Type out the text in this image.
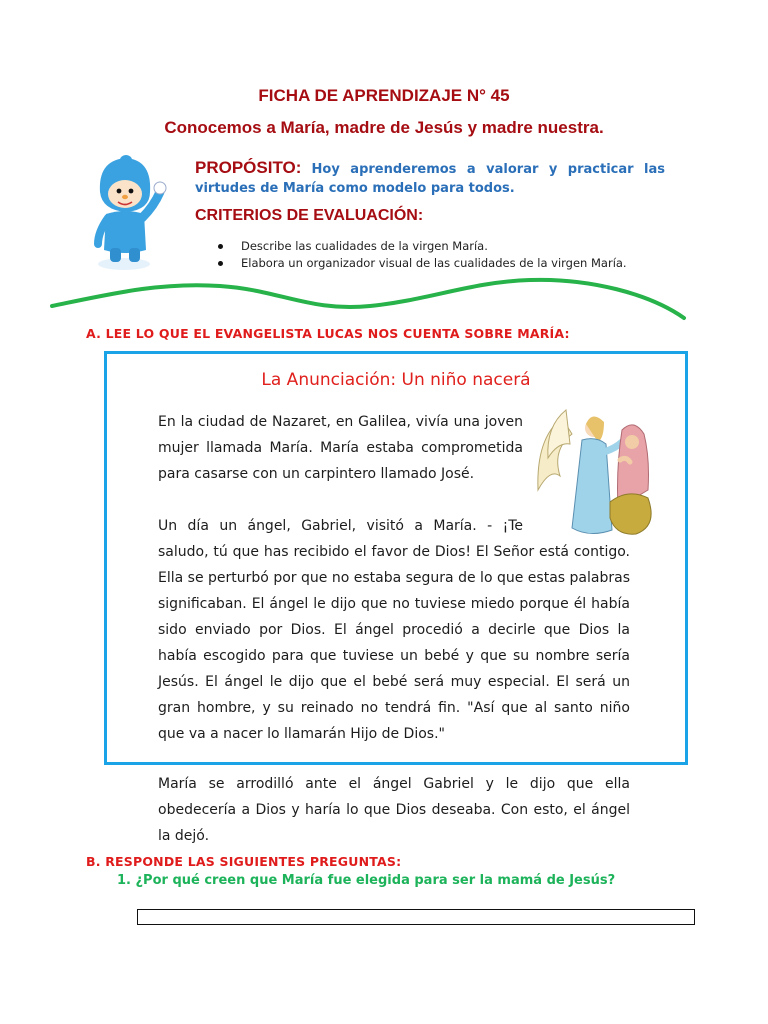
FICHA DE APRENDIZAJE N° 45
Conocemos a María, madre de Jesús y madre nuestra.
PROPÓSITO: Hoy aprenderemos a valorar y practicar las virtudes de María como modelo para todos.
CRITERIOS DE EVALUACIÓN:
Describe las cualidades de la virgen María.
Elabora un organizador visual de las cualidades de la virgen María.
A. LEE LO QUE EL EVANGELISTA LUCAS NOS CUENTA SOBRE MARÍA:
La Anunciación: Un niño nacerá

En la ciudad de Nazaret, en Galilea, vivía una joven mujer llamada María. María estaba comprometida para casarse con un carpintero llamado José.

Un día un ángel, Gabriel, visitó a María. - ¡Te
saludo, tú que has recibido el favor de Dios! El Señor está contigo. Ella se perturbó por que no estaba segura de lo que estas palabras significaban. El ángel le dijo que no tuviese miedo porque él había sido enviado por Dios. El ángel procedió a decirle que Dios la había escogido para que tuviese un bebé y que su nombre sería Jesús. El ángel le dijo que el bebé será muy especial. El será un gran hombre, y su reinado no tendrá fin. "Así que al santo niño que va a nacer lo llamarán Hijo de Dios."

María se arrodilló ante el ángel Gabriel y le dijo que ella obedecería a Dios y haría lo que Dios deseaba. Con esto, el ángel la dejó.

B. RESPONDE LAS SIGUIENTES PREGUNTAS:
1. ¿Por qué creen que María fue elegida para ser la mamá de Jesús?
